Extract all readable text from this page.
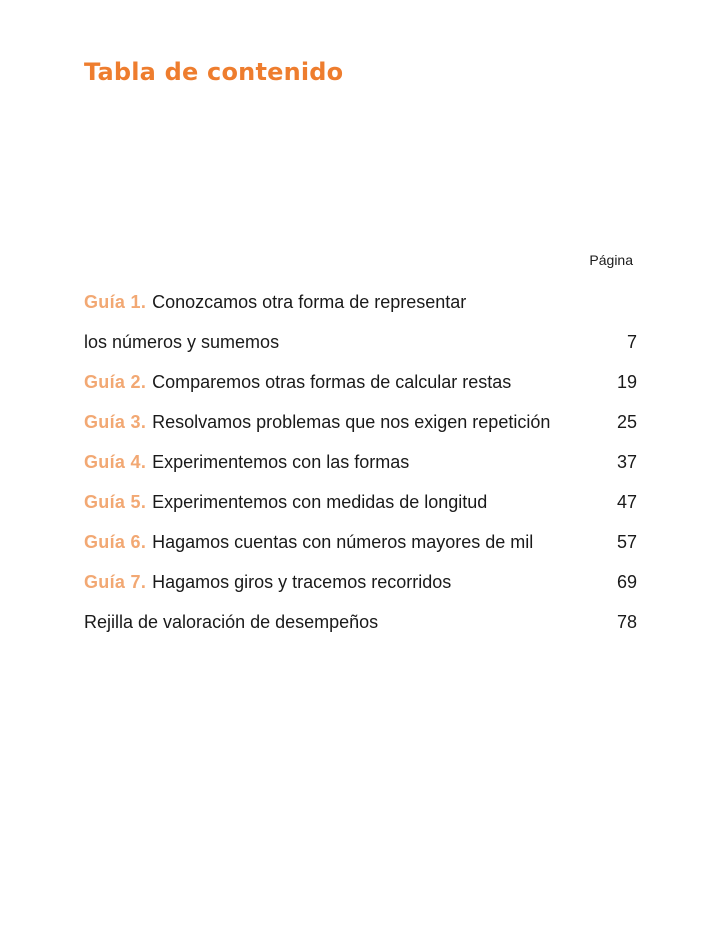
Tabla de contenido
Página
Guía 1. Conozcamos otra forma de representar
los números y sumemos	7
Guía 2. Comparemos otras formas de calcular restas	19
Guía 3. Resolvamos problemas que nos exigen repetición	25
Guía 4. Experimentemos con las formas	37
Guía 5. Experimentemos con medidas de longitud	47
Guía 6. Hagamos cuentas con números mayores de mil	57
Guía 7. Hagamos giros y tracemos recorridos	69
Rejilla de valoración de desempeños	78
